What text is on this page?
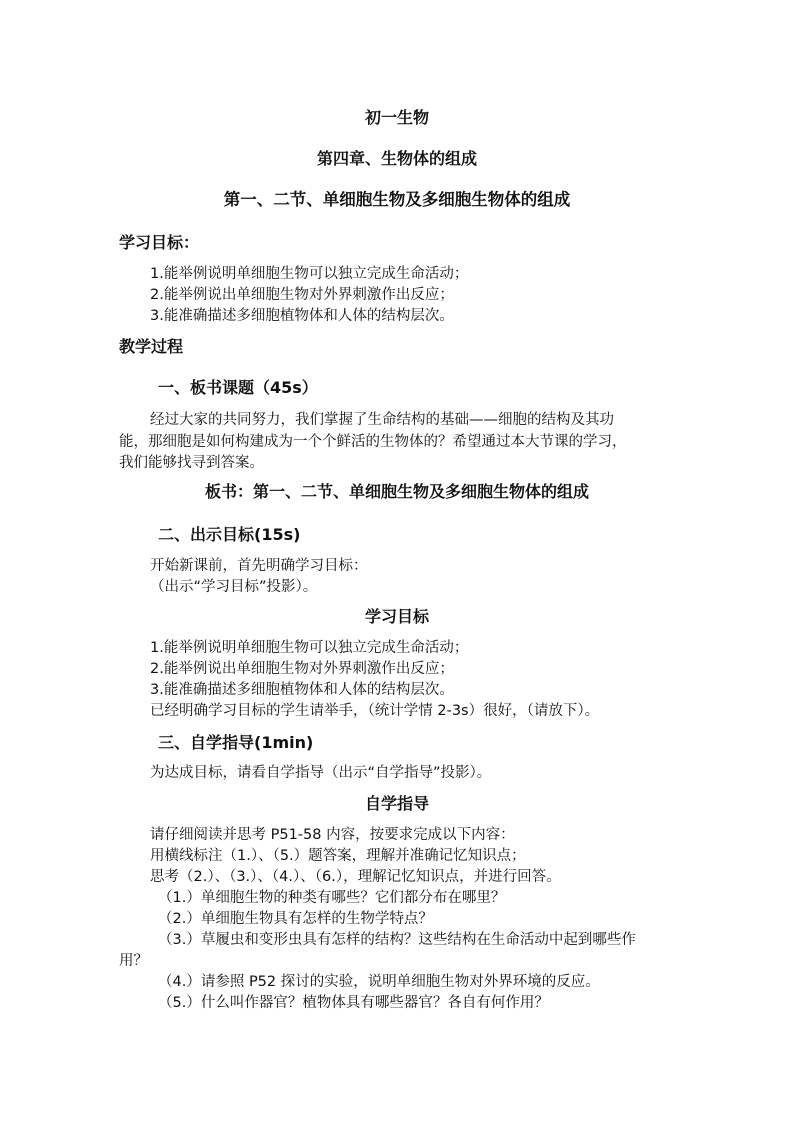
初一生物
第四章、生物体的组成
第一、二节、单细胞生物及多细胞生物体的组成
学习目标：
1.能举例说明单细胞生物可以独立完成生命活动；
2.能举例说出单细胞生物对外界刺激作出反应；
3.能准确描述多细胞植物体和人体的结构层次。
教学过程
一、板书课题（45s）
经过大家的共同努力，我们掌握了生命结构的基础——细胞的结构及其功
能，那细胞是如何构建成为一个个鲜活的生物体的？希望通过本大节课的学习，
我们能够找寻到答案。
板书：第一、二节、单细胞生物及多细胞生物体的组成
二、出示目标(15s)
开始新课前，首先明确学习目标：
（出示“学习目标”投影）。
学习目标
1.能举例说明单细胞生物可以独立完成生命活动；
2.能举例说出单细胞生物对外界刺激作出反应；
3.能准确描述多细胞植物体和人体的结构层次。
已经明确学习目标的学生请举手，（统计学情 2-3s）很好，（请放下）。
三、自学指导(1min)
为达成目标，请看自学指导（出示“自学指导”投影）。
自学指导
请仔细阅读并思考 P51-58 内容，按要求完成以下内容：
用横线标注（1.）、（5.）题答案，理解并准确记忆知识点；
思考（2.）、（3.）、（4.）、（6.），理解记忆知识点，并进行回答。
（1.）单细胞生物的种类有哪些？它们都分布在哪里？
（2.）单细胞生物具有怎样的生物学特点？
（3.）草履虫和变形虫具有怎样的结构？这些结构在生命活动中起到哪些作
用？
（4.）请参照 P52 探讨的实验，说明单细胞生物对外界环境的反应。
（5.）什么叫作器官？植物体具有哪些器官？各自有何作用？
